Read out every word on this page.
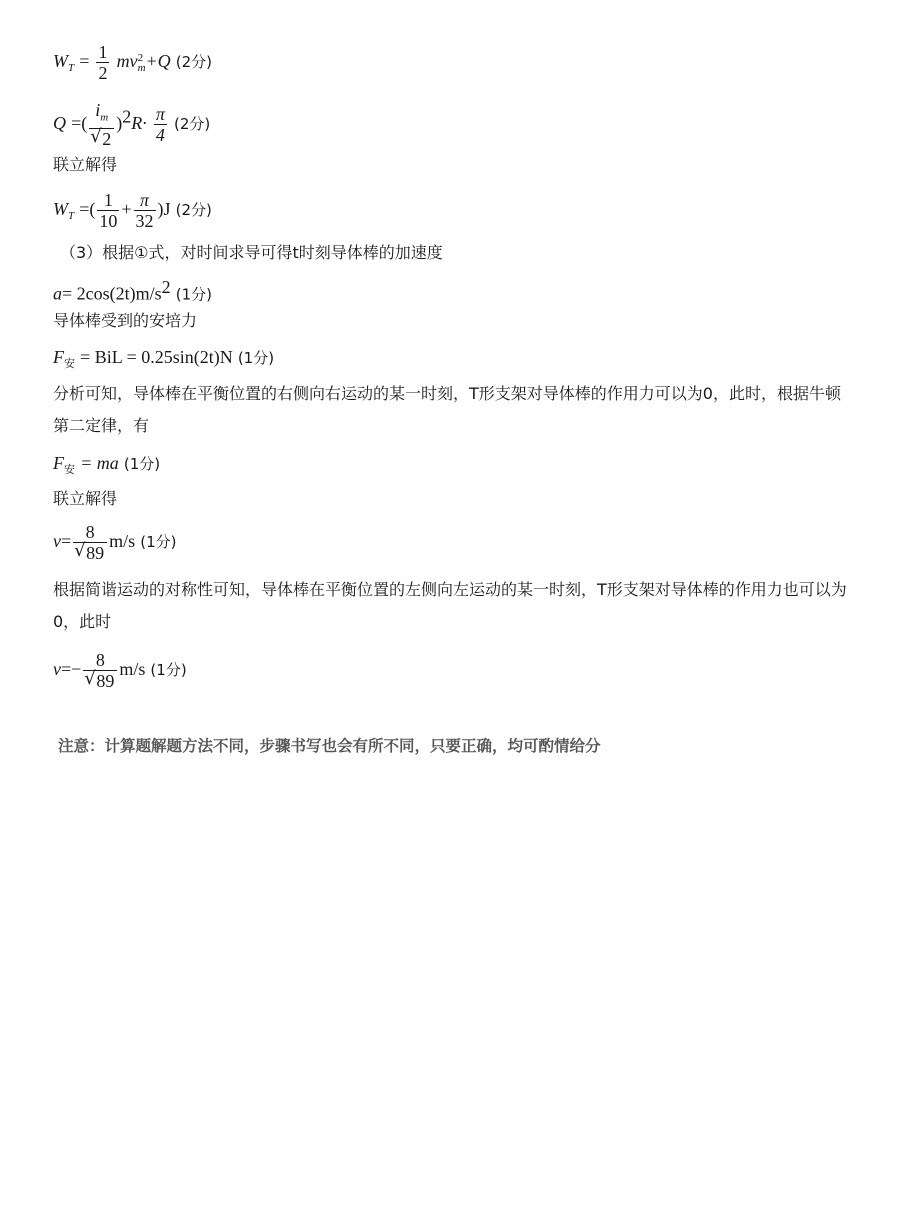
$W_T = \frac{1}{2}$ mv 2
m +Q (2分)
Q =( $i_m$
√ 2 )$^2R\cdot \frac{\pi}{4} (2$分)
联立解得
$W_T$ =( $\frac{1}{10} + \frac{\pi}{32} )J$ (2分)
（3）根据①式，对时间求导可得t时刻导体棒的加速度
$a= 2\cos(2t)m/s^2$ (1分)
导体棒受到的安培力
$F_安$ = BiL = 0.25sin(2t)N (1分)
分析可知，导体棒在平衡位置的右侧向右运动的某一时刻，T形支架对导体棒的作用力可以为0，此时，根据牛顿第二定律，有
$F_安$ = ma (1分)
联立解得
v= 8
√ 89 m/s (1分)
根据简谐运动的对称性可知，导体棒在平衡位置的左侧向左运动的某一时刻，T形支架对导体棒的作用力也可以为0，此时
v=− 8
√ 89 m/s (1分)
注意：计算题解题方法不同，步骤书写也会有所不同，只要正确，均可酌情给分
